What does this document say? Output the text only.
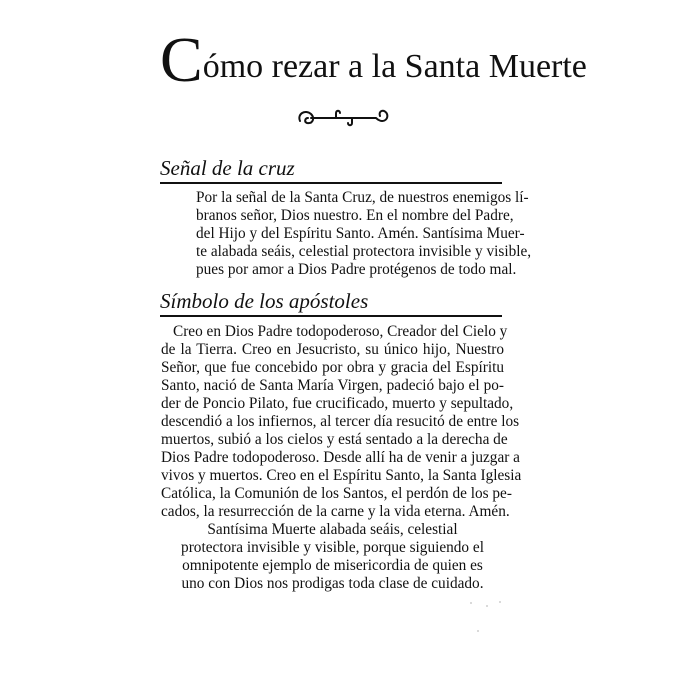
Cómo rezar a la Santa Muerte
Señal de la cruz
Por la señal de la Santa Cruz, de nuestros enemigos lí-
branos señor, Dios nuestro. En el nombre del Padre,
del Hijo y del Espíritu Santo. Amén. Santísima Muer-
te alabada seáis, celestial protectora invisible y visible,
pues por amor a Dios Padre protégenos de todo mal.
Símbolo de los apóstoles
Creo en Dios Padre todopoderoso, Creador del Cielo y
de la Tierra. Creo en Jesucristo, su único hijo, Nuestro
Señor, que fue concebido por obra y gracia del Espíritu
Santo, nació de Santa María Virgen, padeció bajo el po-
der de Poncio Pilato, fue crucificado, muerto y sepultado,
descendió a los infiernos, al tercer día resucitó de entre los
muertos, subió a los cielos y está sentado a la derecha de
Dios Padre todopoderoso. Desde allí ha de venir a juzgar a
vivos y muertos. Creo en el Espíritu Santo, la Santa Iglesia
Católica, la Comunión de los Santos, el perdón de los pe-
cados, la resurrección de la carne y la vida eterna. Amén.
Santísima Muerte alabada seáis, celestial
protectora invisible y visible, porque siguiendo el
omnipotente ejemplo de misericordia de quien es
uno con Dios nos prodigas toda clase de cuidado.
